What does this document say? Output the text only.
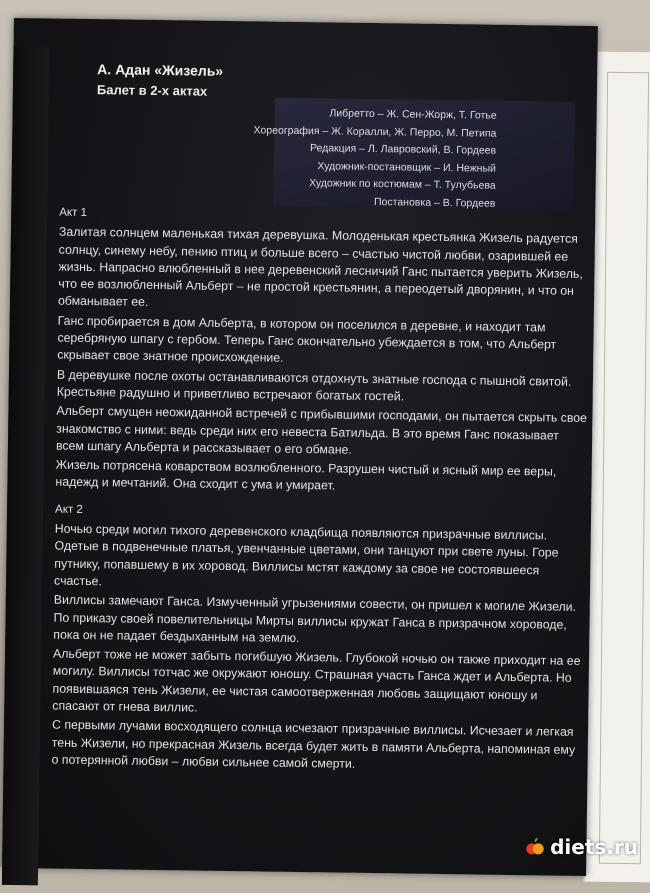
А. Адан «Жизель»
Балет в 2-х актах
Либретто – Ж. Сен-Жорж, Т. Готье
Хореография – Ж. Коралли, Ж. Перро, М. Петипа
Редакция – Л. Лавровский, В. Гордеев
Художник-постановщик – И. Нежный
Художник по костюмам – Т. Тулубьева
Постановка – В. Гордеев

Акт 1

Залитая солнцем маленькая тихая деревушка. Молоденькая крестьянка Жизель радуется солнцу, синему небу, пению птиц и больше всего – счастью чистой любви, озарившей ее жизнь. Напрасно влюбленный в нее деревенский лесничий Ганс пытается уверить Жизель, что ее возлюбленный Альберт – не простой крестьянин, а переодетый дворянин, и что он обманывает ее.

Ганс пробирается в дом Альберта, в котором он поселился в деревне, и находит там серебряную шпагу с гербом. Теперь Ганс окончательно убеждается в том, что Альберт скрывает свое знатное происхождение.

В деревушке после охоты останавливаются отдохнуть знатные господа с пышной свитой. Крестьяне радушно и приветливо встречают богатых гостей.

Альберт смущен неожиданной встречей с прибывшими господами, он пытается скрыть свое знакомство с ними: ведь среди них его невеста Батильда. В это время Ганс показывает всем шпагу Альберта и рассказывает о его обмане.

Жизель потрясена коварством возлюбленного. Разрушен чистый и ясный мир ее веры, надежд и мечтаний. Она сходит с ума и умирает.

Акт 2

Ночью среди могил тихого деревенского кладбища появляются призрачные виллисы. Одетые в подвенечные платья, увенчанные цветами, они танцуют при свете луны. Горе путнику, попавшему в их хоровод. Виллисы мстят каждому за свое не состоявшееся счастье.

Виллисы замечают Ганса. Измученный угрызениями совести, он пришел к могиле Жизели. По приказу своей повелительницы Мирты виллисы кружат Ганса в призрачном хороводе, пока он не падает бездыханным на землю.

Альберт тоже не может забыть погибшую Жизель. Глубокой ночью он также приходит на ее могилу. Виллисы тотчас же окружают юношу. Страшная участь Ганса ждет и Альберта. Но появившаяся тень Жизели, ее чистая самоотверженная любовь защищают юношу и спасают от гнева виллис.

С первыми лучами восходящего солнца исчезают призрачные виллисы. Исчезает и легкая тень Жизели, но прекрасная Жизель всегда будет жить в памяти Альберта, напоминая ему о потерянной любви – любви сильнее самой смерти.

diets.ru
